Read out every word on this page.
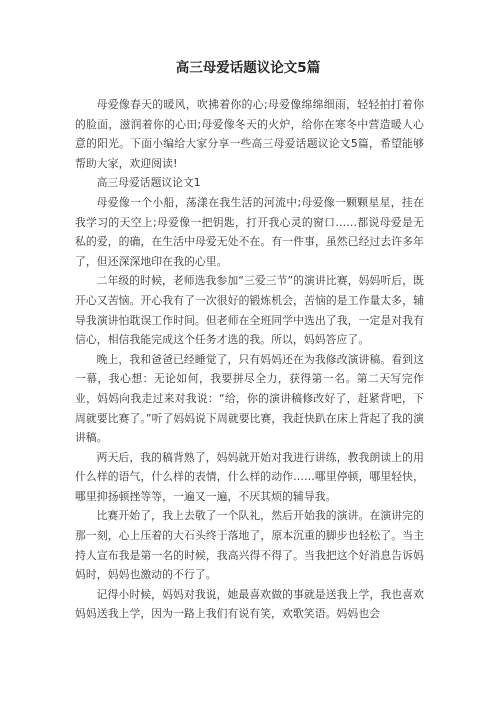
高三母爱话题议论文5篇

母爱像春天的暖风，吹拂着你的心;母爱像绵绵细雨，轻轻拍打着你的脸面，滋润着你的心田;母爱像冬天的火炉，给你在寒冬中营造暖人心意的阳光。下面小编给大家分享一些高三母爱话题议论文5篇，希望能够帮助大家，欢迎阅读!

高三母爱话题议论文1

母爱像一个小船，荡漾在我生活的河流中;母爱像一颗颗星星，挂在我学习的天空上;母爱像一把钥匙，打开我心灵的窗口……都说母爱是无私的爱，的确，在生活中母爱无处不在。有一件事，虽然已经过去许多年了，但还深深地印在我的心里。

二年级的时候，老师选我参加“三爱三节”的演讲比赛，妈妈听后，既开心又苦恼。开心我有了一次很好的锻炼机会，苦恼的是工作量太多，辅导我演讲怕耽误工作时间。但老师在全班同学中选出了我，一定是对我有信心，相信我能完成这个任务才选的我。所以，妈妈答应了。

晚上，我和爸爸已经睡觉了，只有妈妈还在为我修改演讲稿。看到这一幕，我心想：无论如何，我要拼尽全力，获得第一名。第二天写完作业，妈妈向我走过来对我说：“给，你的演讲稿修改好了，赶紧背吧，下周就要比赛了。”听了妈妈说下周就要比赛，我赶快趴在床上背起了我的演讲稿。

两天后，我的稿背熟了，妈妈就开始对我进行讲练，教我朗读上的用什么样的语气，什么样的表情，什么样的动作……哪里停顿，哪里轻快，哪里抑扬顿挫等等，一遍又一遍，不厌其烦的辅导我。

比赛开始了，我上去敬了一个队礼，然后开始我的演讲。在演讲完的那一刻，心上压着的大石头终于落地了，原本沉重的脚步也轻松了。当主持人宣布我是第一名的时候，我高兴得不得了。当我把这个好消息告诉妈妈时，妈妈也激动的不行了。

记得小时候，妈妈对我说，她最喜欢做的事就是送我上学，我也喜欢妈妈送我上学，因为一路上我们有说有笑，欢歌笑语。妈妈也会
